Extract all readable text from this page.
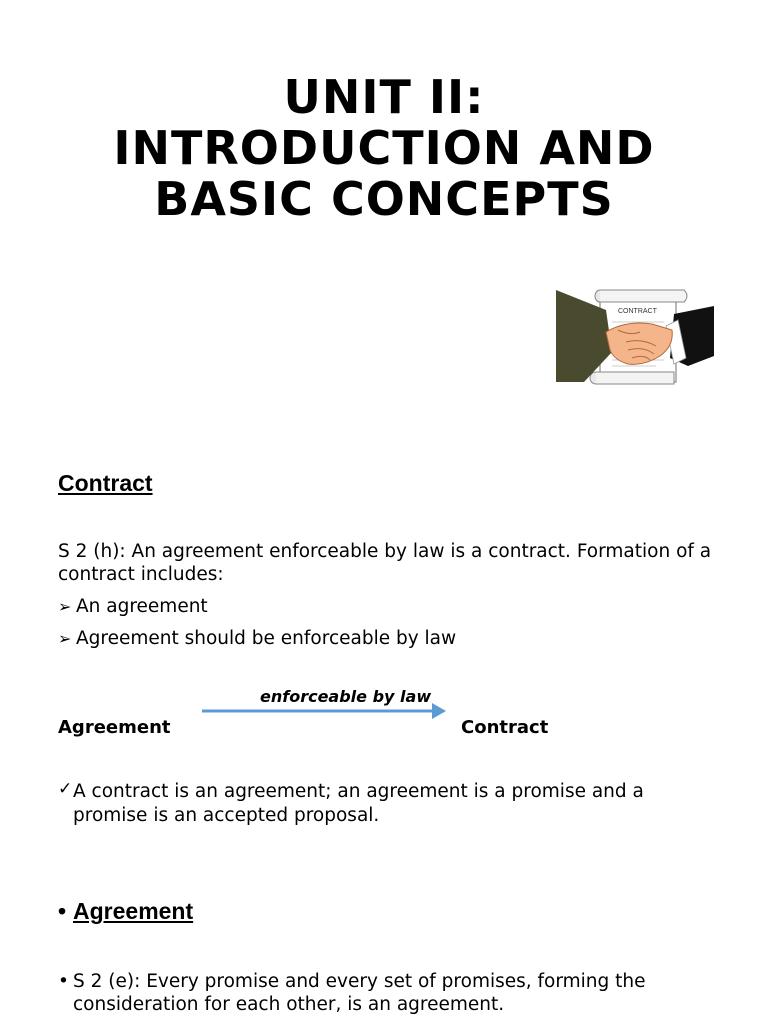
UNIT II:
INTRODUCTION AND
BASIC CONCEPTS
CONTRACT
Contract
S 2 (h): An agreement enforceable by law is a contract. Formation of a contract includes:
➢ An agreement
➢ Agreement should be enforceable by law
enforceable by law
Agreement	Contract
✓ A contract is an agreement; an agreement is a promise and a promise is an accepted proposal.
• Agreement
• S 2 (e): Every promise and every set of promises, forming the consideration for each other, is an agreement.
